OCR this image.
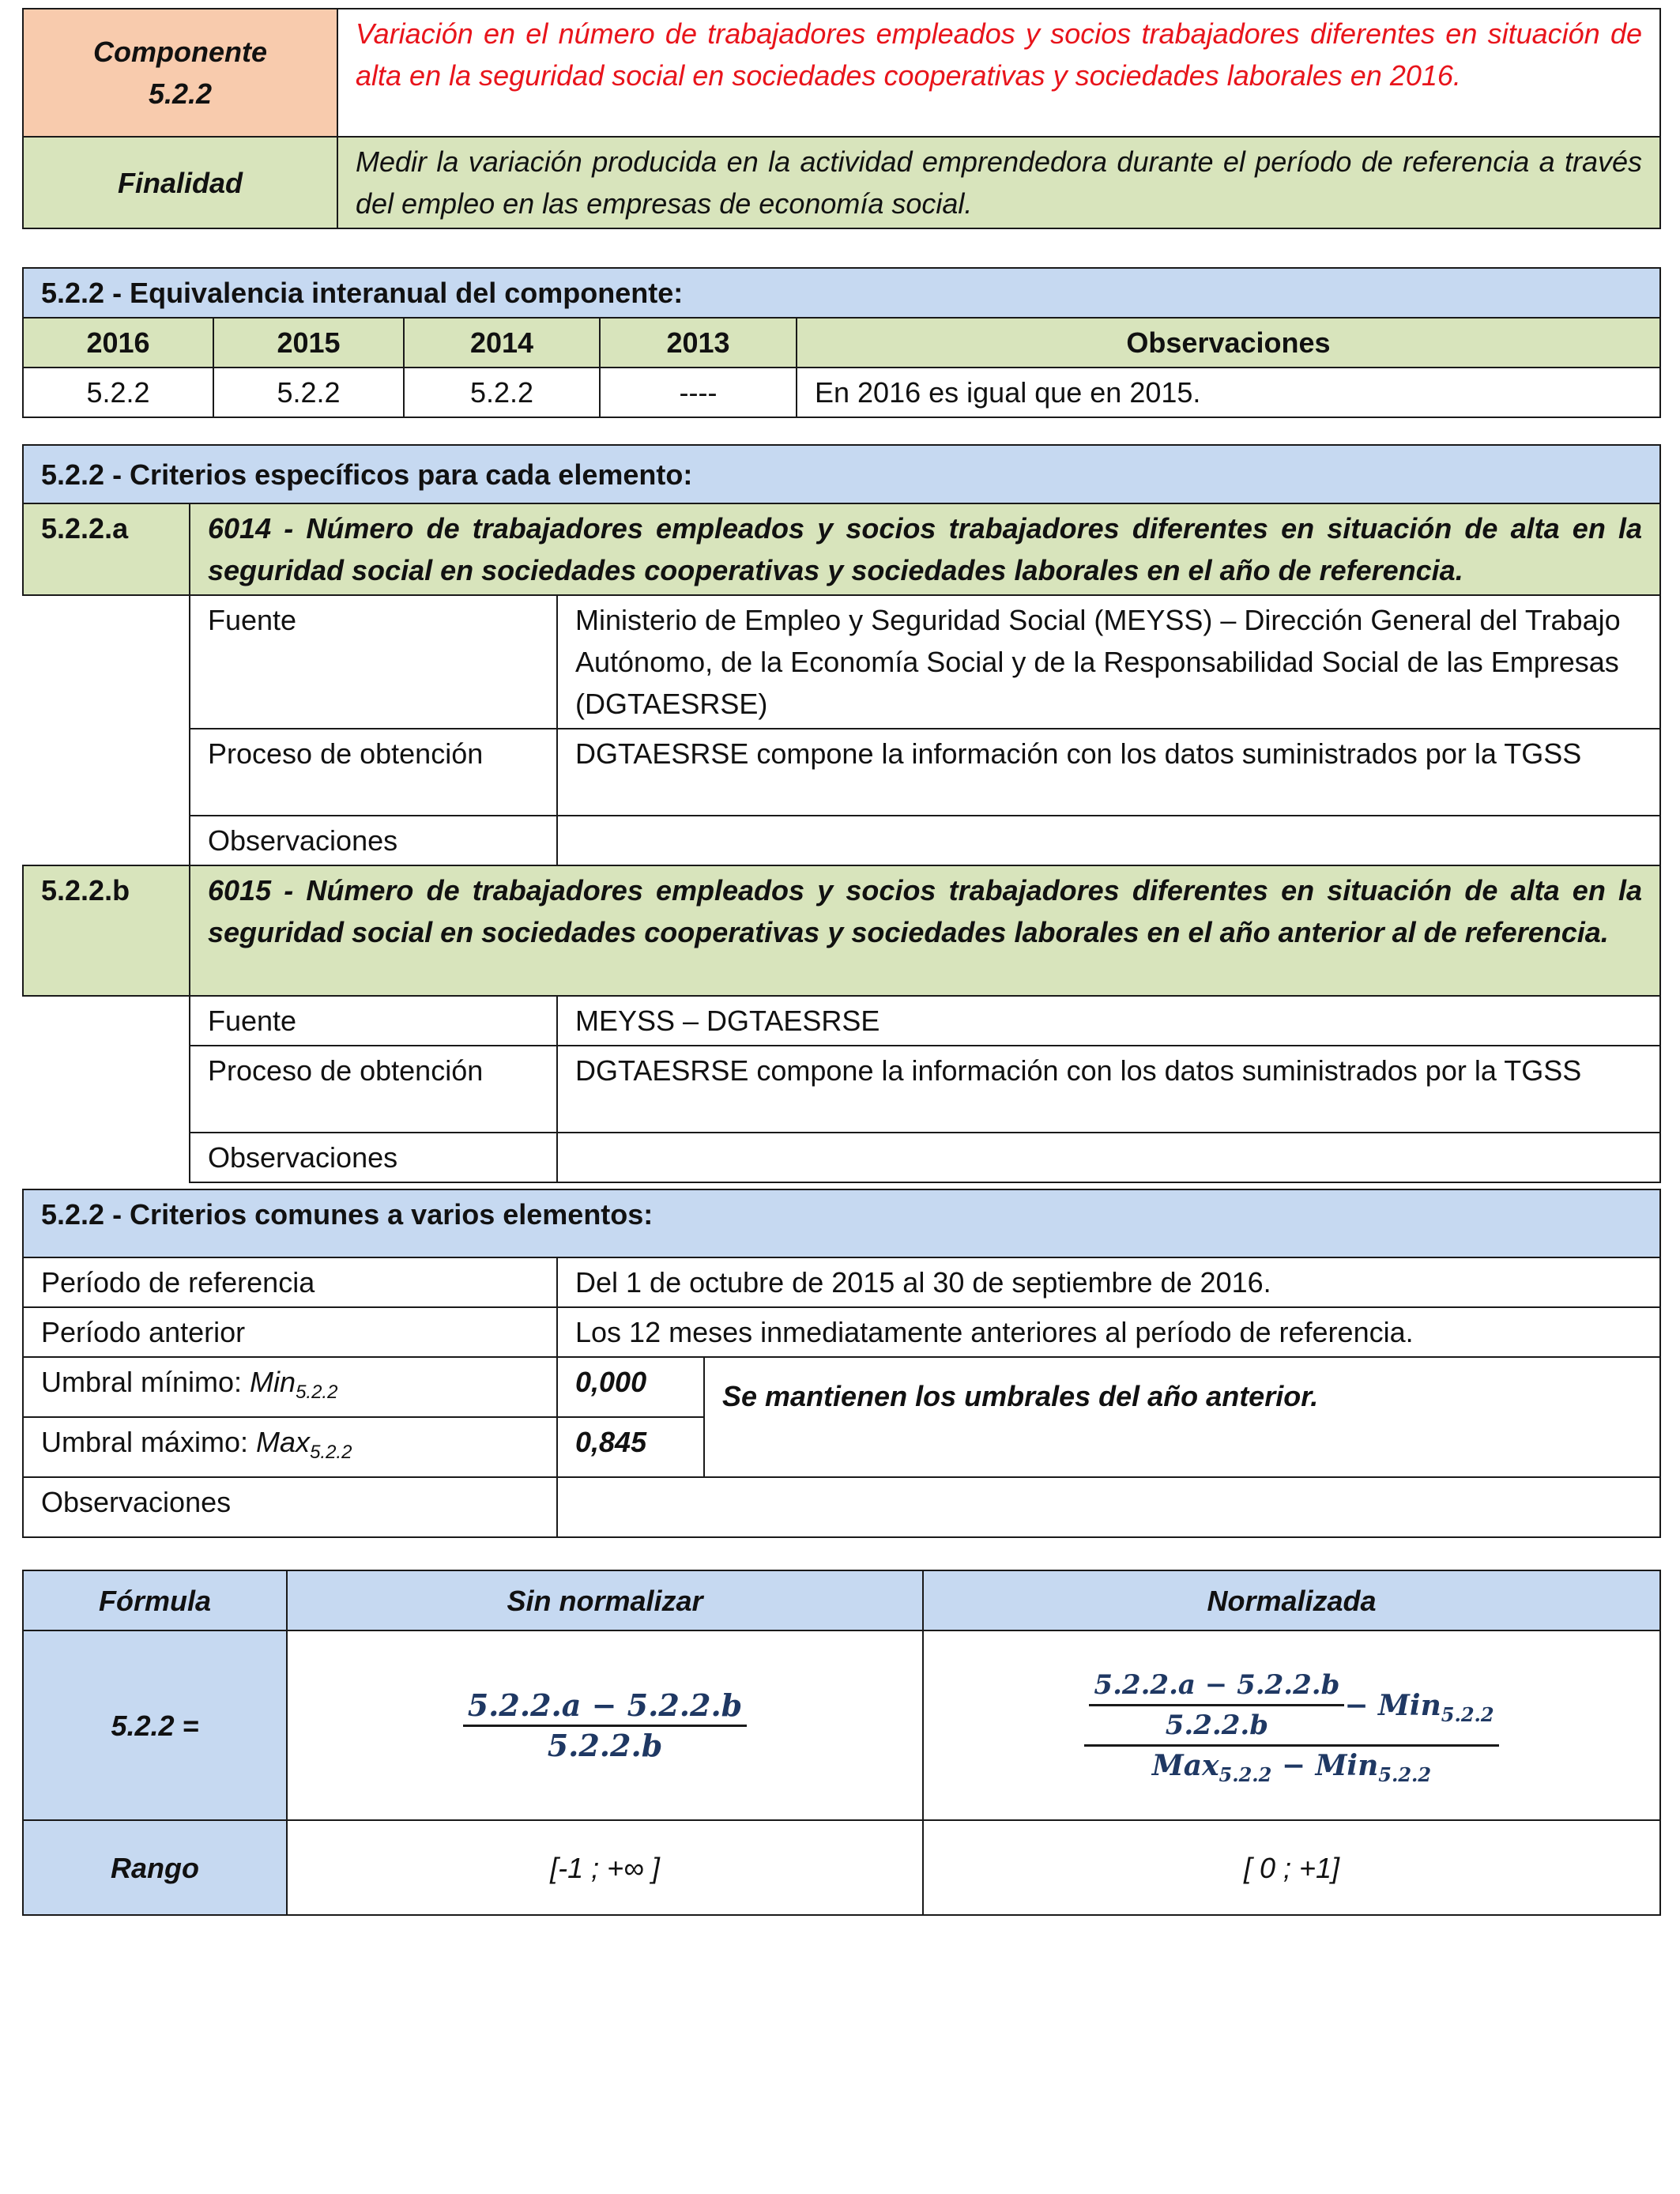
Componente
5.2.2	Variación en el número de trabajadores empleados y socios trabajadores diferentes en situación de alta en la seguridad social en sociedades cooperativas y sociedades laborales en 2016.
Finalidad	Medir la variación producida en la actividad emprendedora durante el período de referencia a través del empleo en las empresas de economía social.
5.2.2 - Equivalencia interanual del componente:				
2016	2015	2014	2013	Observaciones
5.2.2	5.2.2	5.2.2	----	En 2016 es igual que en 2015.
5.2.2 - Criterios específicos para cada elemento:		
5.2.2.a	6014 - Número de trabajadores empleados y socios trabajadores diferentes en situación de alta en la seguridad social en sociedades cooperativas y sociedades laborales en el año de referencia.	
	Fuente	Ministerio de Empleo y Seguridad Social (MEYSS) – Dirección General del Trabajo Autónomo, de la Economía Social y de la Responsabilidad Social de las Empresas (DGTAESRSE)
	Proceso de obtención	DGTAESRSE compone la información con los datos suministrados por la TGSS
	Observaciones	
5.2.2.b	6015 - Número de trabajadores empleados y socios trabajadores diferentes en situación de alta en la seguridad social en sociedades cooperativas y sociedades laborales en el año anterior al de referencia.	
	Fuente	MEYSS – DGTAESRSE
	Proceso de obtención	DGTAESRSE compone la información con los datos suministrados por la TGSS
	Observaciones	
5.2.2 - Criterios comunes a varios elementos:		
Período de referencia	Del 1 de octubre de 2015 al 30 de septiembre de 2016.	
Período anterior	Los 12 meses inmediatamente anteriores al período de referencia.	
Umbral mínimo: Min$_{5.2.2}$	0,000	Se mantienen los umbrales del año anterior.
Umbral máximo: Max$_{5.2.2}$	0,845	
Observaciones		
Fórmula	Sin normalizar	Normalizada
5.2.2 =	$\frac{5.2.2.a - 5.2.2.b}{5.2.2.b}$	$\frac{5.2.2.a - 5.2.2.b}{5.2.2.b} - Min_{5.2.2}$
Max$_{5.2.2}$ − Min$_{5.2.2}$

Rango	[-1 ; +∞ ]	[ 0 ; +1]
